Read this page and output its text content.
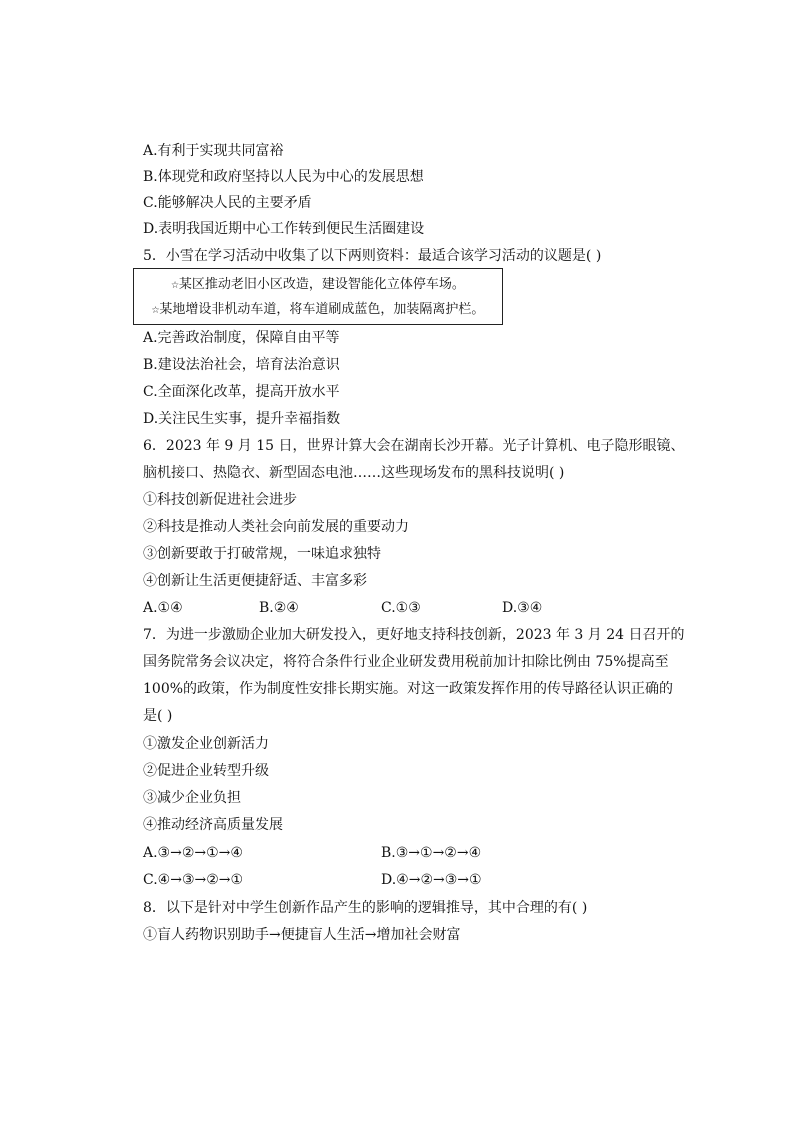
A.有利于实现共同富裕
B.体现党和政府坚持以人民为中心的发展思想
C.能够解决人民的主要矛盾
D.表明我国近期中心工作转到便民生活圈建设
5．小雪在学习活动中收集了以下两则资料：最适合该学习活动的议题是( )
☆某区推动老旧小区改造，建设智能化立体停车场。
☆某地增设非机动车道，将车道刷成蓝色，加装隔离护栏。
A.完善政治制度，保障自由平等
B.建设法治社会，培育法治意识
C.全面深化改革，提高开放水平
D.关注民生实事，提升幸福指数
6．2023 年 9 月 15 日，世界计算大会在湖南长沙开幕。光子计算机、电子隐形眼镜、
脑机接口、热隐衣、新型固态电池……这些现场发布的黑科技说明( )
①科技创新促进社会进步
②科技是推动人类社会向前发展的重要动力
③创新要敢于打破常规，一味追求独特
④创新让生活更便捷舒适、丰富多彩
A.①④	B.②④	C.①③	D.③④
7．为进一步激励企业加大研发投入，更好地支持科技创新，2023 年 3 月 24 日召开的
国务院常务会议决定，将符合条件行业企业研发费用税前加计扣除比例由 75%提高至
100%的政策，作为制度性安排长期实施。对这一政策发挥作用的传导路径认识正确的
是( )
①激发企业创新活力
②促进企业转型升级
③减少企业负担
④推动经济高质量发展
A.③→②→①→④	B.③→①→②→④
C.④→③→②→①	D.④→②→③→①
8．以下是针对中学生创新作品产生的影响的逻辑推导，其中合理的有( )
①盲人药物识别助手→便捷盲人生活→增加社会财富
